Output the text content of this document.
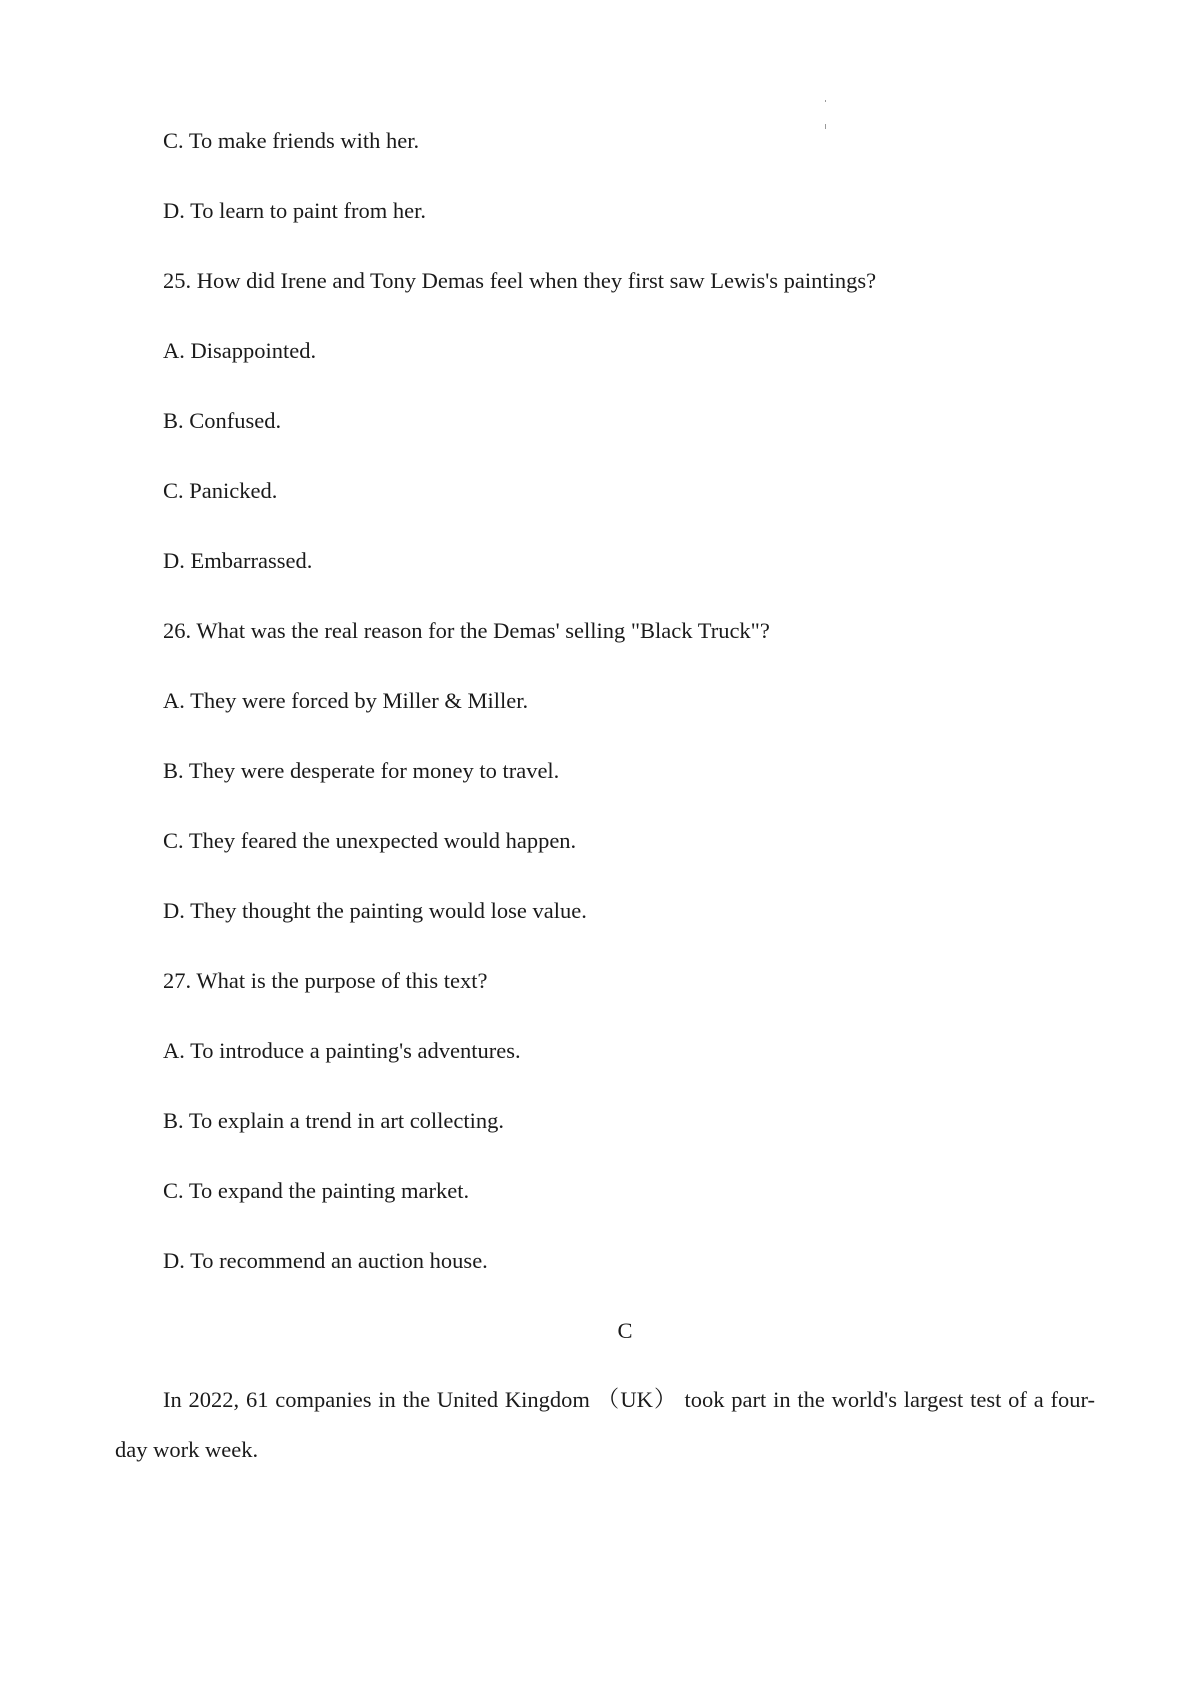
C. To make friends with her.
D. To learn to paint from her.
25. How did Irene and Tony Demas feel when they first saw Lewis's paintings?
A. Disappointed.
B. Confused.
C. Panicked.
D. Embarrassed.
26. What was the real reason for the Demas' selling "Black Truck"?
A. They were forced by Miller & Miller.
B. They were desperate for money to travel.
C. They feared the unexpected would happen.
D. They thought the painting would lose value.
27. What is the purpose of this text?
A. To introduce a painting's adventures.
B. To explain a trend in art collecting.
C. To expand the painting market.
D. To recommend an auction house.
C
In 2022, 61 companies in the United Kingdom （UK） took part in the world's largest test of a four- day work week.
